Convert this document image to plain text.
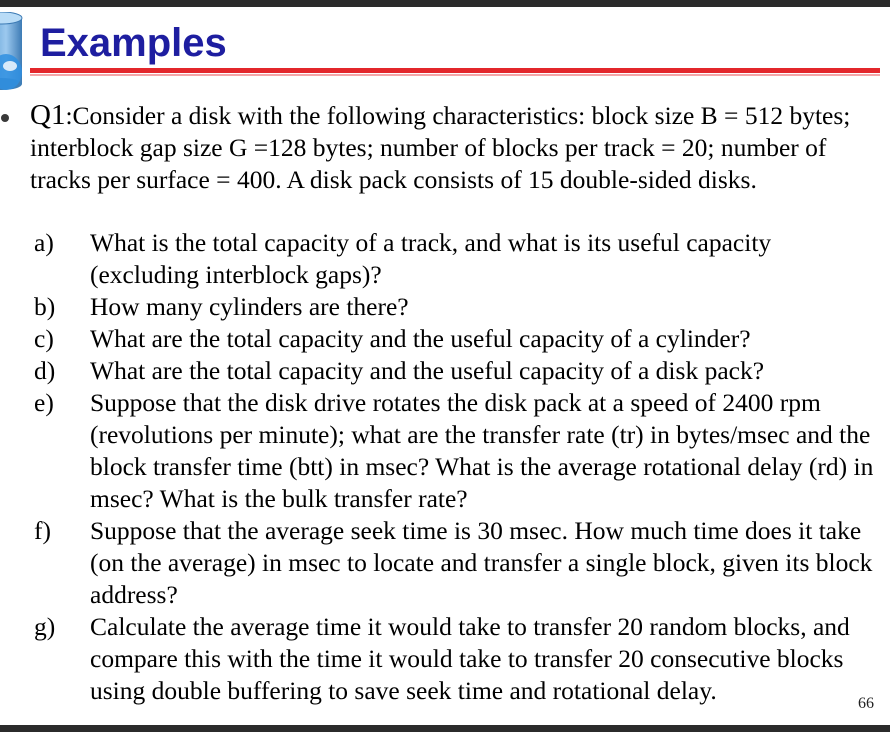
Examples

Q1:Consider a disk with the following characteristics: block size B = 512 bytes; interblock gap size G =128 bytes; number of blocks per track = 20; number of tracks per surface = 400. A disk pack consists of 15 double-sided disks.

a)	What is the total capacity of a track, and what is its useful capacity (excluding interblock gaps)?
b)	How many cylinders are there?
c)	What are the total capacity and the useful capacity of a cylinder?
d)	What are the total capacity and the useful capacity of a disk pack?
e)	Suppose that the disk drive rotates the disk pack at a speed of 2400 rpm (revolutions per minute); what are the transfer rate (tr) in bytes/msec and the block transfer time (btt) in msec? What is the average rotational delay (rd) in msec? What is the bulk transfer rate?
f)	Suppose that the average seek time is 30 msec. How much time does it take (on the average) in msec to locate and transfer a single block, given its block address?
g)	Calculate the average time it would take to transfer 20 random blocks, and compare this with the time it would take to transfer 20 consecutive blocks using double buffering to save seek time and rotational delay.	66
